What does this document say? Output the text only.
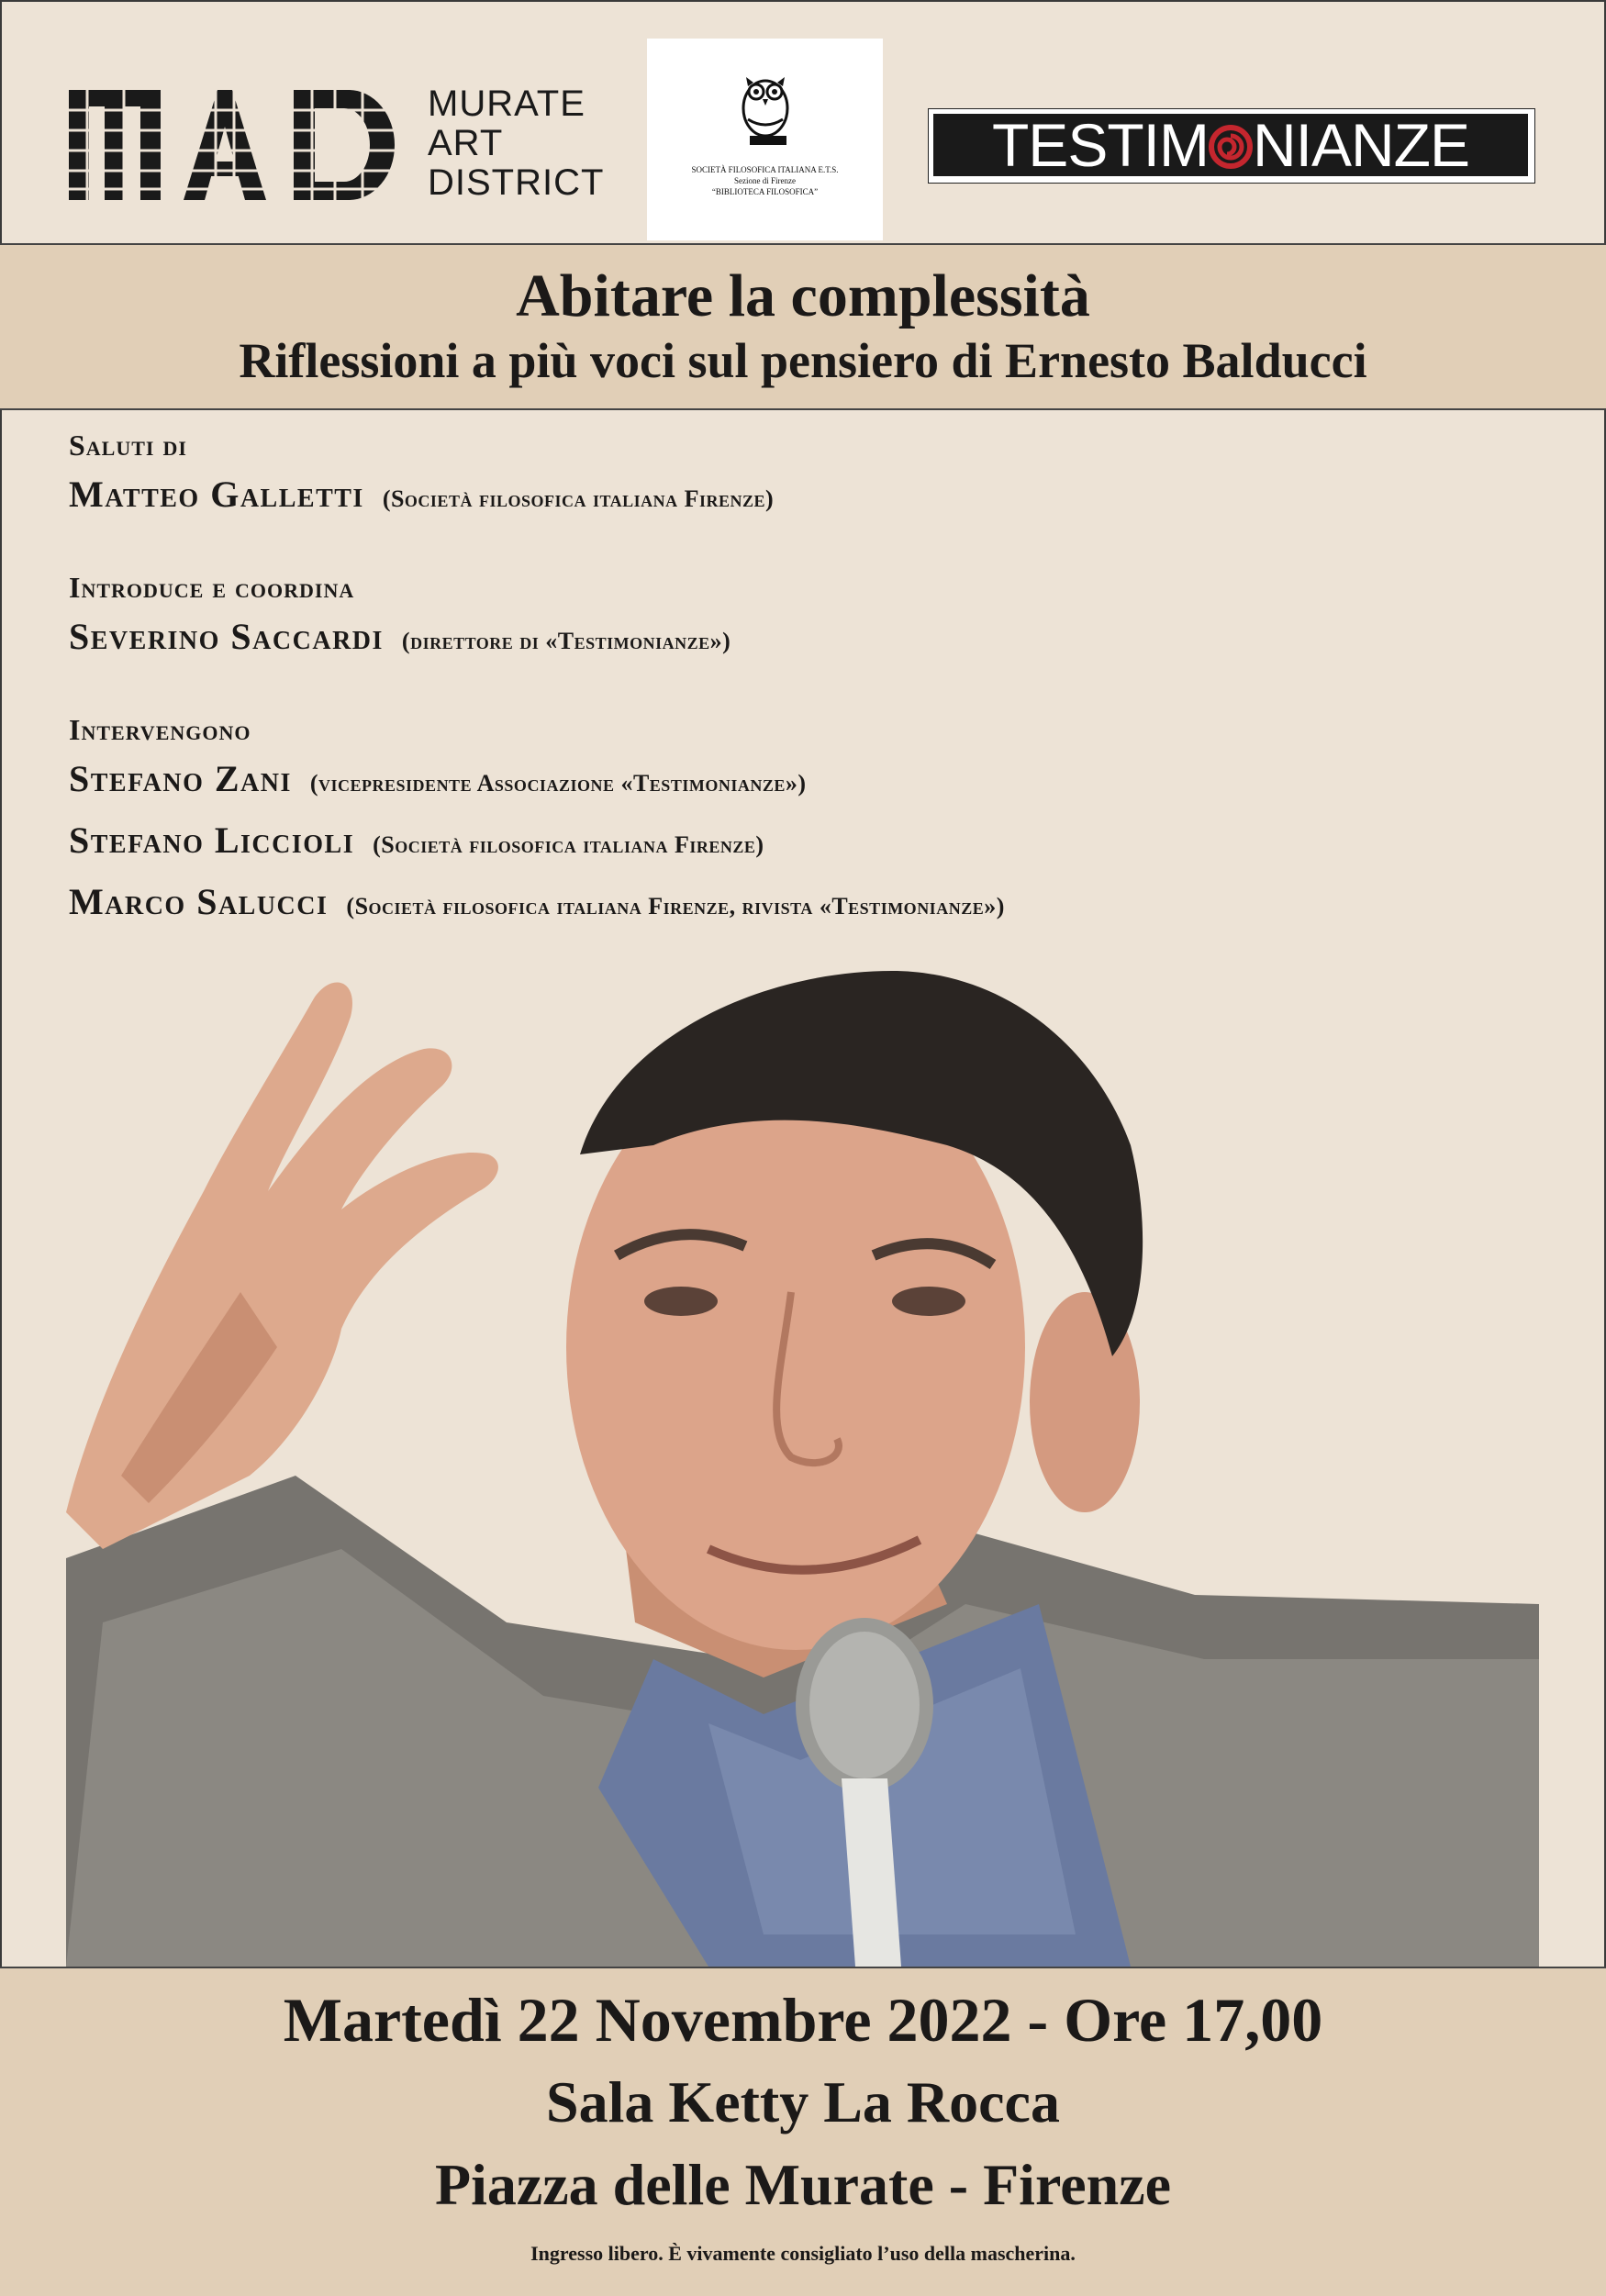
MURATE
ART
DISTRICT	SOCIETÀ FILOSOFICA ITALIANA E.T.S.
Sezione di Firenze
“BIBLIOTECA FILOSOFICA”
TESTIM NIANZE
Abitare la complessità
Riflessioni a più voci sul pensiero di Ernesto Balducci
Saluti di
Matteo Galletti (Società filosofica italiana Firenze)
Introduce e coordina
Severino Saccardi (direttore di «Testimonianze»)
Intervengono
Stefano Zani (vicepresidente Associazione «Testimonianze»)
Stefano Liccioli (Società filosofica italiana Firenze)
Marco Salucci (Società filosofica italiana Firenze, rivista «Testimonianze»)
Martedì 22 Novembre 2022 - Ore 17,00
Sala Ketty La Rocca
Piazza delle Murate - Firenze
Ingresso libero. È vivamente consigliato l’uso della mascherina.
